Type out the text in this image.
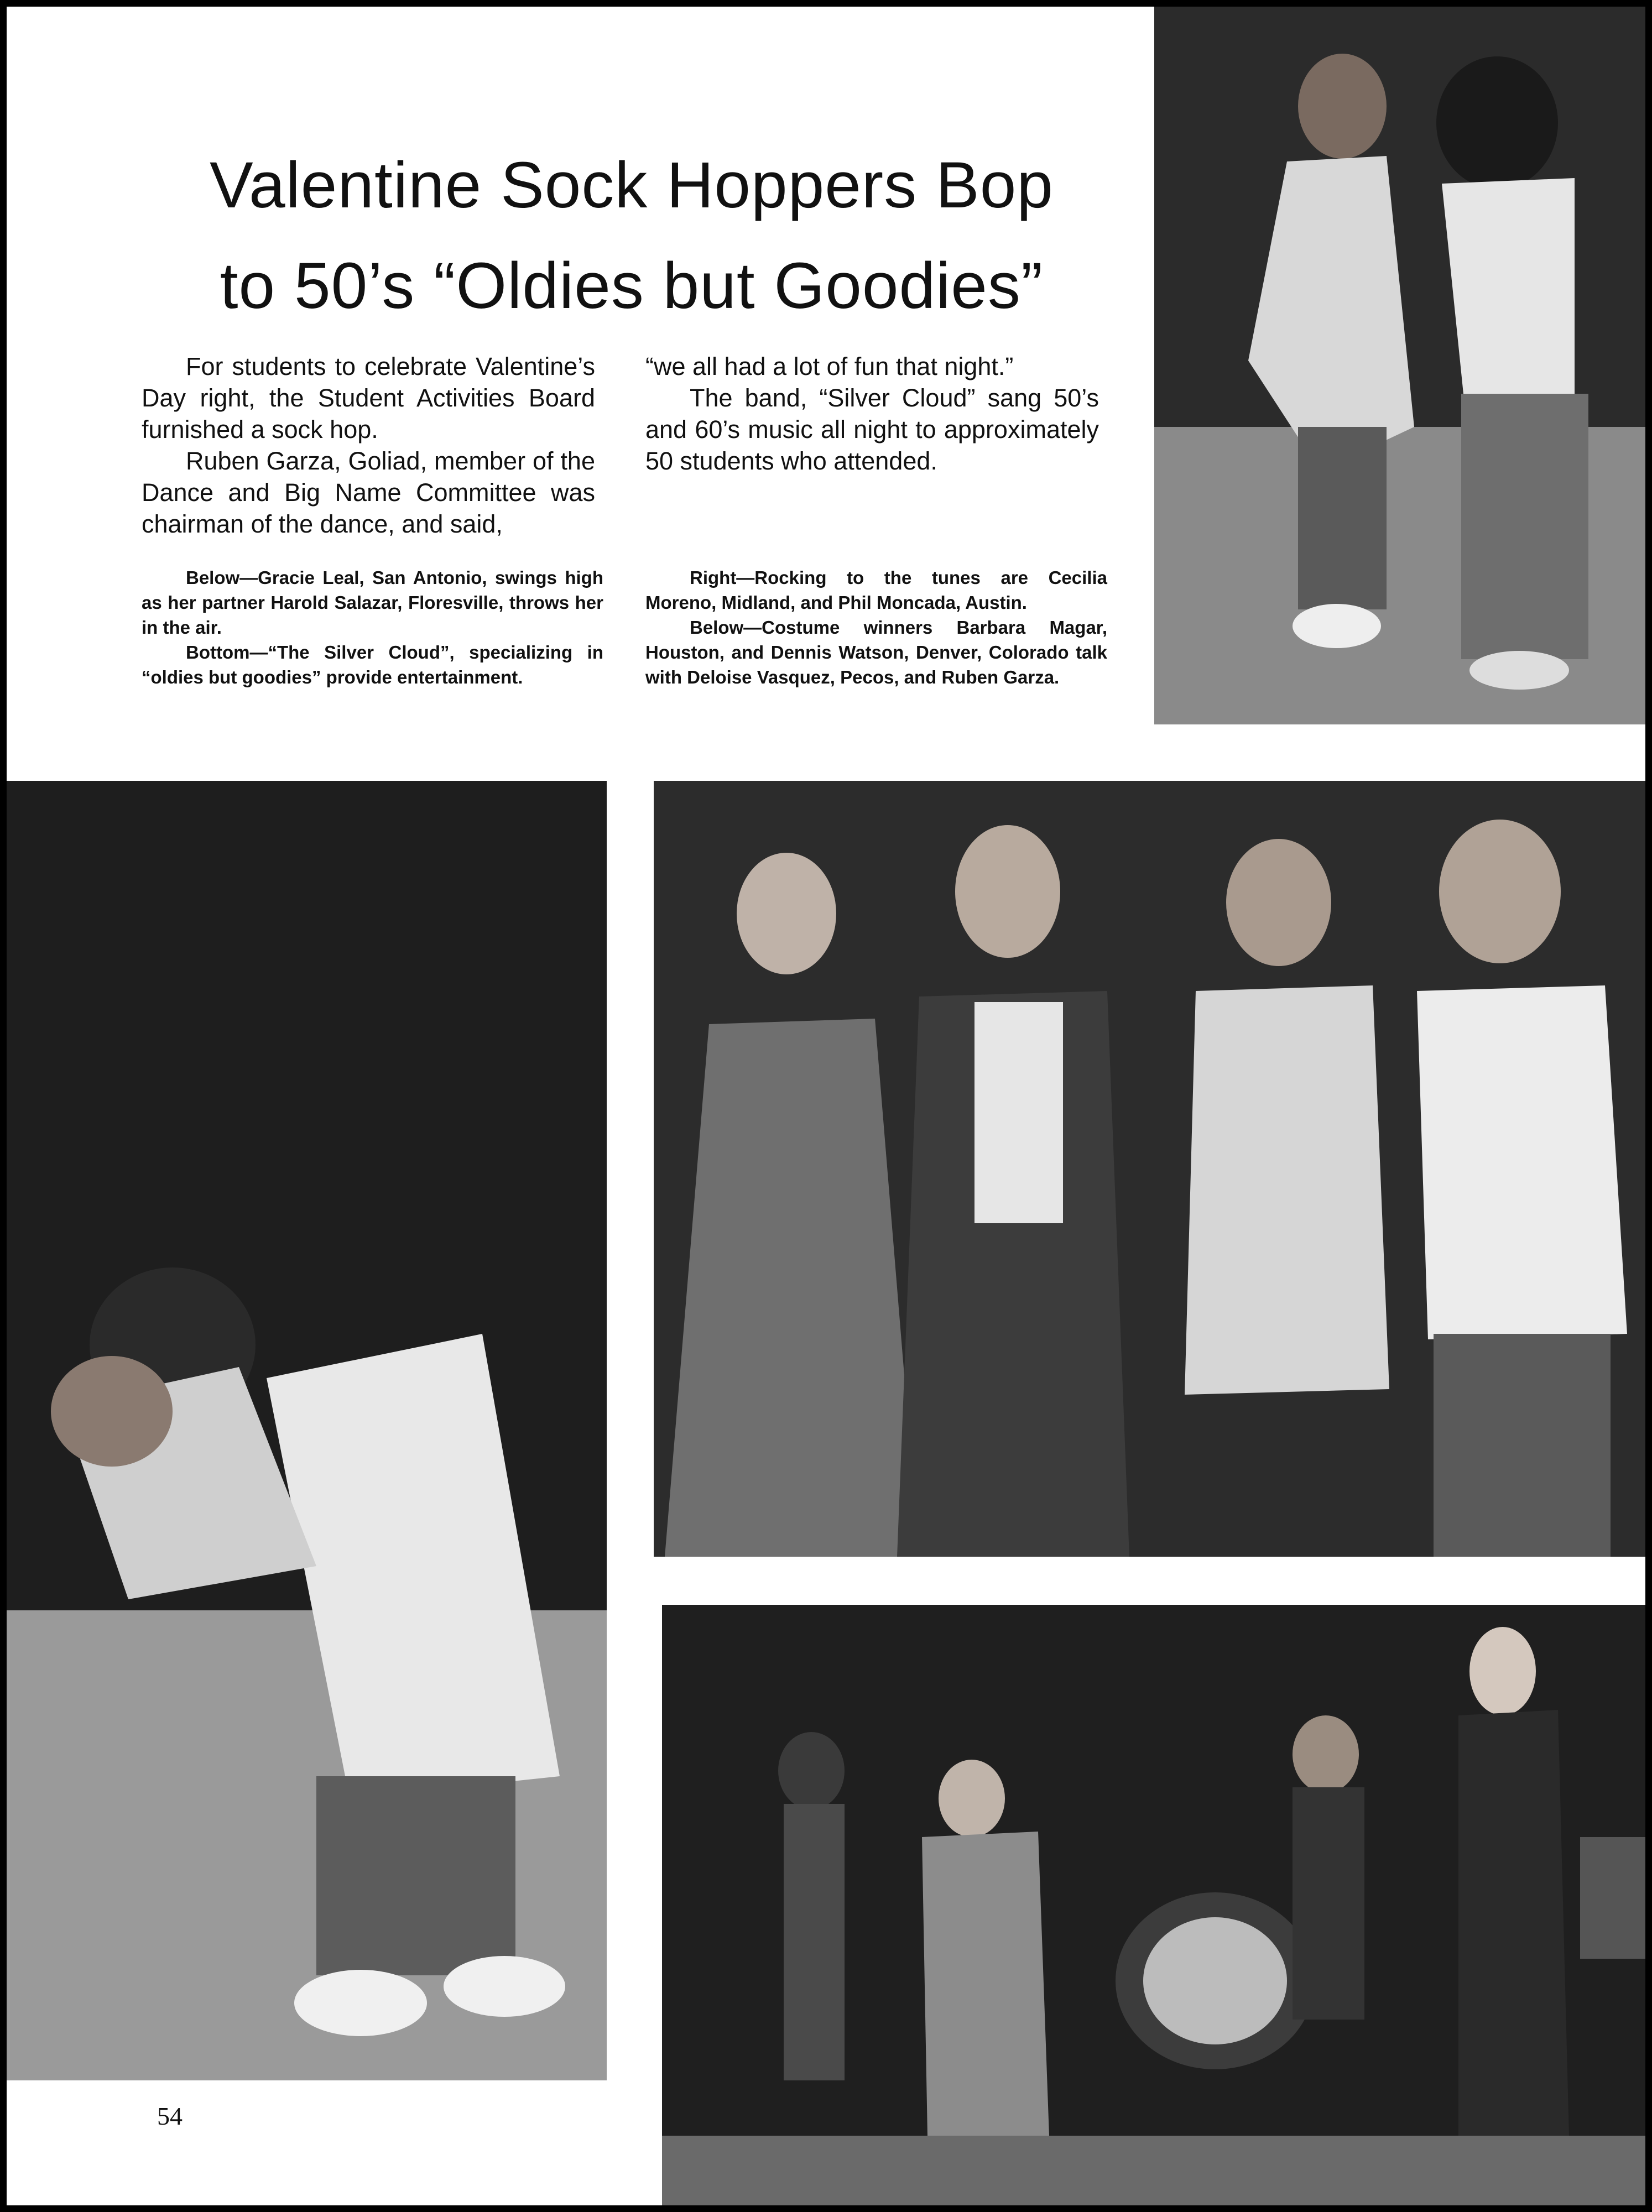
Valentine Sock Hoppers Bop
to 50’s “Oldies but Goodies”

For students to celebrate Valentine’s Day right, the Student Activities Board furnished a sock hop.

Ruben Garza, Goliad, member of the Dance and Big Name Committee was chairman of the dance, and said,

“we all had a lot of fun that night.”

The band, “Silver Cloud” sang 50’s and 60’s music all night to approximately 50 students who attended.

Below—Gracie Leal, San Antonio, swings high as her partner Harold Salazar, Floresville, throws her in the air.

Bottom—“The Silver Cloud”, specializing in “oldies but goodies” provide entertainment.

Right—Rocking to the tunes are Cecilia Moreno, Midland, and Phil Moncada, Austin.

Below—Costume winners Barbara Magar, Houston, and Dennis Watson, Denver, Colorado talk with Deloise Vasquez, Pecos, and Ruben Garza.

54
